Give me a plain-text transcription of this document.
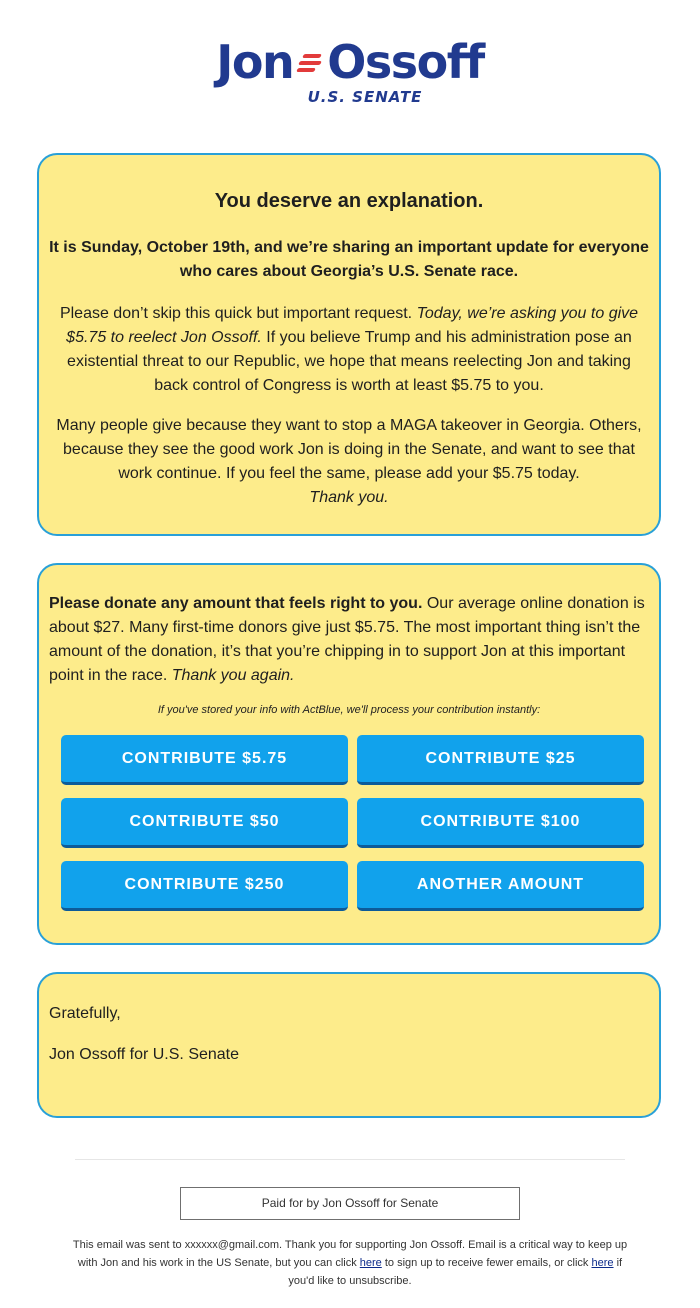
Jon Ossoff
U.S. SENATE
You deserve an explanation.
It is Sunday, October 19th, and we’re sharing an important update for everyone who cares about Georgia’s U.S. Senate race.
Please don’t skip this quick but important request. Today, we’re asking you to give $5.75 to reelect Jon Ossoff. If you believe Trump and his administration pose an existential threat to our Republic, we hope that means reelecting Jon and taking back control of Congress is worth at least $5.75 to you.
Many people give because they want to stop a MAGA takeover in Georgia. Others, because they see the good work Jon is doing in the Senate, and want to see that work continue. If you feel the same, please add your $5.75 today.
Thank you.
Please donate any amount that feels right to you. Our average online donation is about $27. Many first-time donors give just $5.75. The most important thing isn’t the amount of the donation, it’s that you’re chipping in to support Jon at this important point in the race. Thank you again.
If you've stored your info with ActBlue, we'll process your contribution instantly:
CONTRIBUTE $5.75	CONTRIBUTE $25
CONTRIBUTE $50	CONTRIBUTE $100
CONTRIBUTE $250	ANOTHER AMOUNT
Gratefully,
Jon Ossoff for U.S. Senate
Paid for by Jon Ossoff for Senate
This email was sent to xxxxxx@gmail.com. Thank you for supporting Jon Ossoff. Email is a critical way to keep up with Jon and his work in the US Senate, but you can click here to sign up to receive fewer emails, or click here if you'd like to unsubscribe.
